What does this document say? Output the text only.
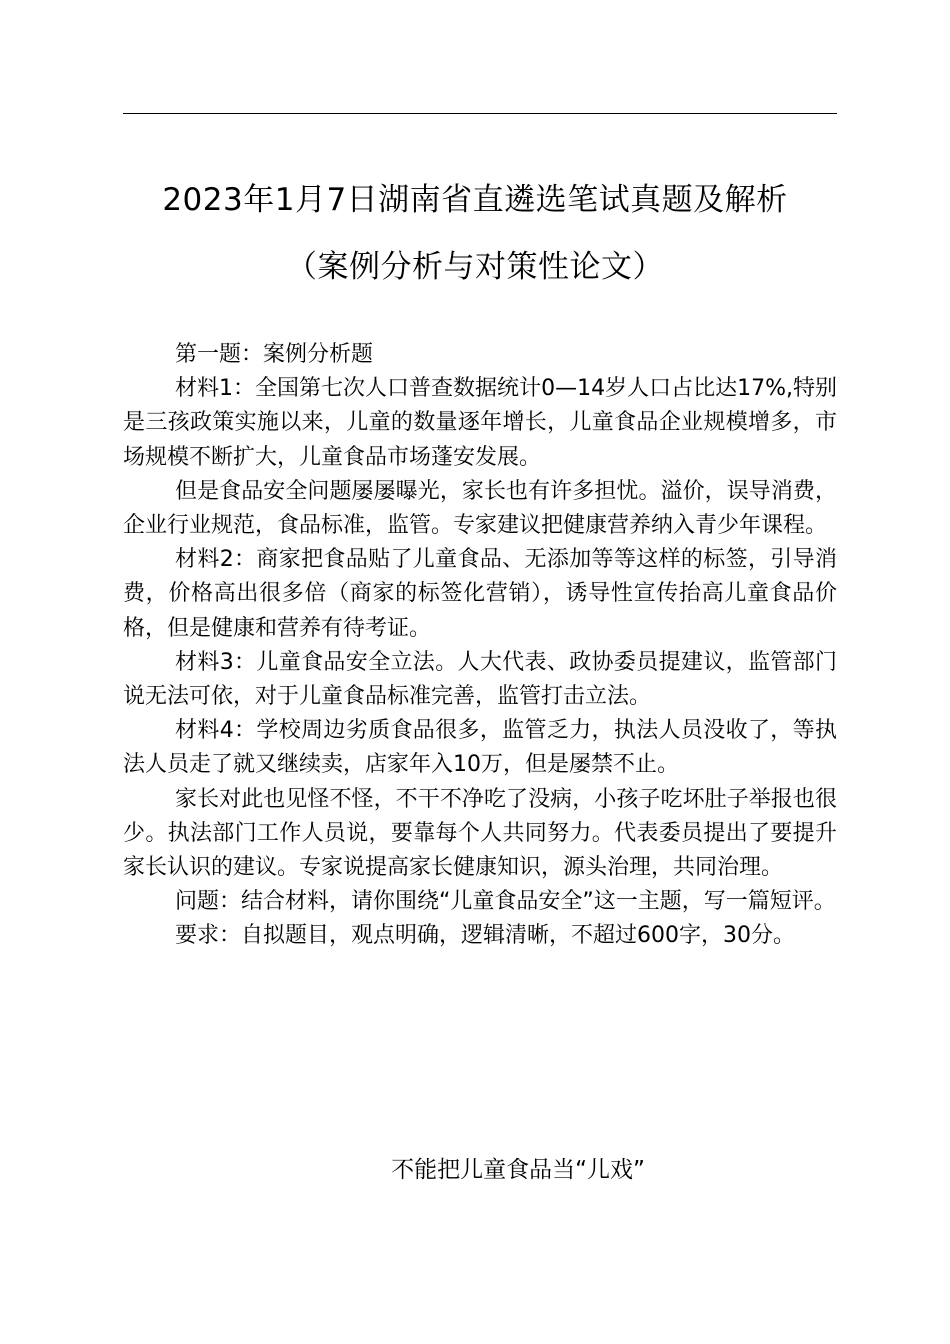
2023年1月7日湖南省直遴选笔试真题及解析
（案例分析与对策性论文）

第一题：案例分析题

材料1：全国第七次人口普查数据统计0—14岁人口占比达17%,特别是三孩政策实施以来，儿童的数量逐年增长，儿童食品企业规模增多，市场规模不断扩大，儿童食品市场蓬安发展。

但是食品安全问题屡屡曝光，家长也有许多担忧。溢价，误导消费，企业行业规范，食品标准，监管。专家建议把健康营养纳入青少年课程。

材料2：商家把食品贴了儿童食品、无添加等等这样的标签，引导消费，价格高出很多倍（商家的标签化营销），诱导性宣传抬高儿童食品价格，但是健康和营养有待考证。

材料3：儿童食品安全立法。人大代表、政协委员提建议，监管部门说无法可依，对于儿童食品标准完善，监管打击立法。

材料4：学校周边劣质食品很多，监管乏力，执法人员没收了，等执法人员走了就又继续卖，店家年入10万，但是屡禁不止。

家长对此也见怪不怪，不干不净吃了没病，小孩子吃坏肚子举报也很少。执法部门工作人员说，要靠每个人共同努力。代表委员提出了要提升家长认识的建议。专家说提高家长健康知识，源头治理，共同治理。

问题：结合材料，请你围绕“儿童食品安全”这一主题，写一篇短评。

要求：自拟题目，观点明确，逻辑清晰，不超过600字，30分。

不能把儿童食品当“儿戏”
